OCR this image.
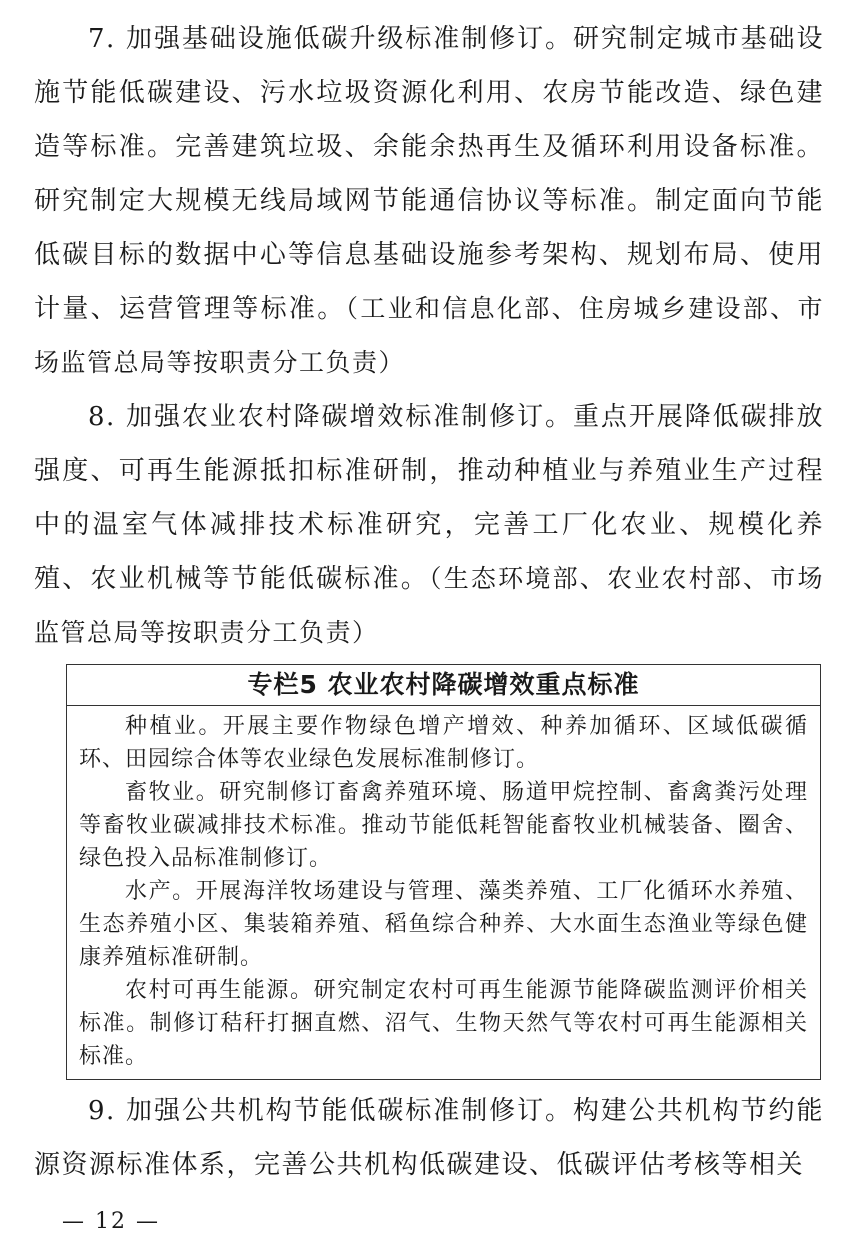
7. 加强基础设施低碳升级标准制修订。研究制定城市基础设施节能低碳建设、污水垃圾资源化利用、农房节能改造、绿色建造等标准。完善建筑垃圾、余能余热再生及循环利用设备标准。研究制定大规模无线局域网节能通信协议等标准。制定面向节能低碳目标的数据中心等信息基础设施参考架构、规划布局、使用计量、运营管理等标准。（工业和信息化部、住房城乡建设部、市场监管总局等按职责分工负责）

8. 加强农业农村降碳增效标准制修订。重点开展降低碳排放强度、可再生能源抵扣标准研制，推动种植业与养殖业生产过程中的温室气体减排技术标准研究，完善工厂化农业、规模化养殖、农业机械等节能低碳标准。（生态环境部、农业农村部、市场监管总局等按职责分工负责）

专栏5 农业农村降碳增效重点标准

种植业。开展主要作物绿色增产增效、种养加循环、区域低碳循环、田园综合体等农业绿色发展标准制修订。

畜牧业。研究制修订畜禽养殖环境、肠道甲烷控制、畜禽粪污处理等畜牧业碳减排技术标准。推动节能低耗智能畜牧业机械装备、圈舍、绿色投入品标准制修订。

水产。开展海洋牧场建设与管理、藻类养殖、工厂化循环水养殖、生态养殖小区、集装箱养殖、稻鱼综合种养、大水面生态渔业等绿色健康养殖标准研制。

农村可再生能源。研究制定农村可再生能源节能降碳监测评价相关标准。制修订秸秆打捆直燃、沼气、生物天然气等农村可再生能源相关标准。

9. 加强公共机构节能低碳标准制修订。构建公共机构节约能源资源标准体系，完善公共机构低碳建设、低碳评估考核等相关

— 12 —
